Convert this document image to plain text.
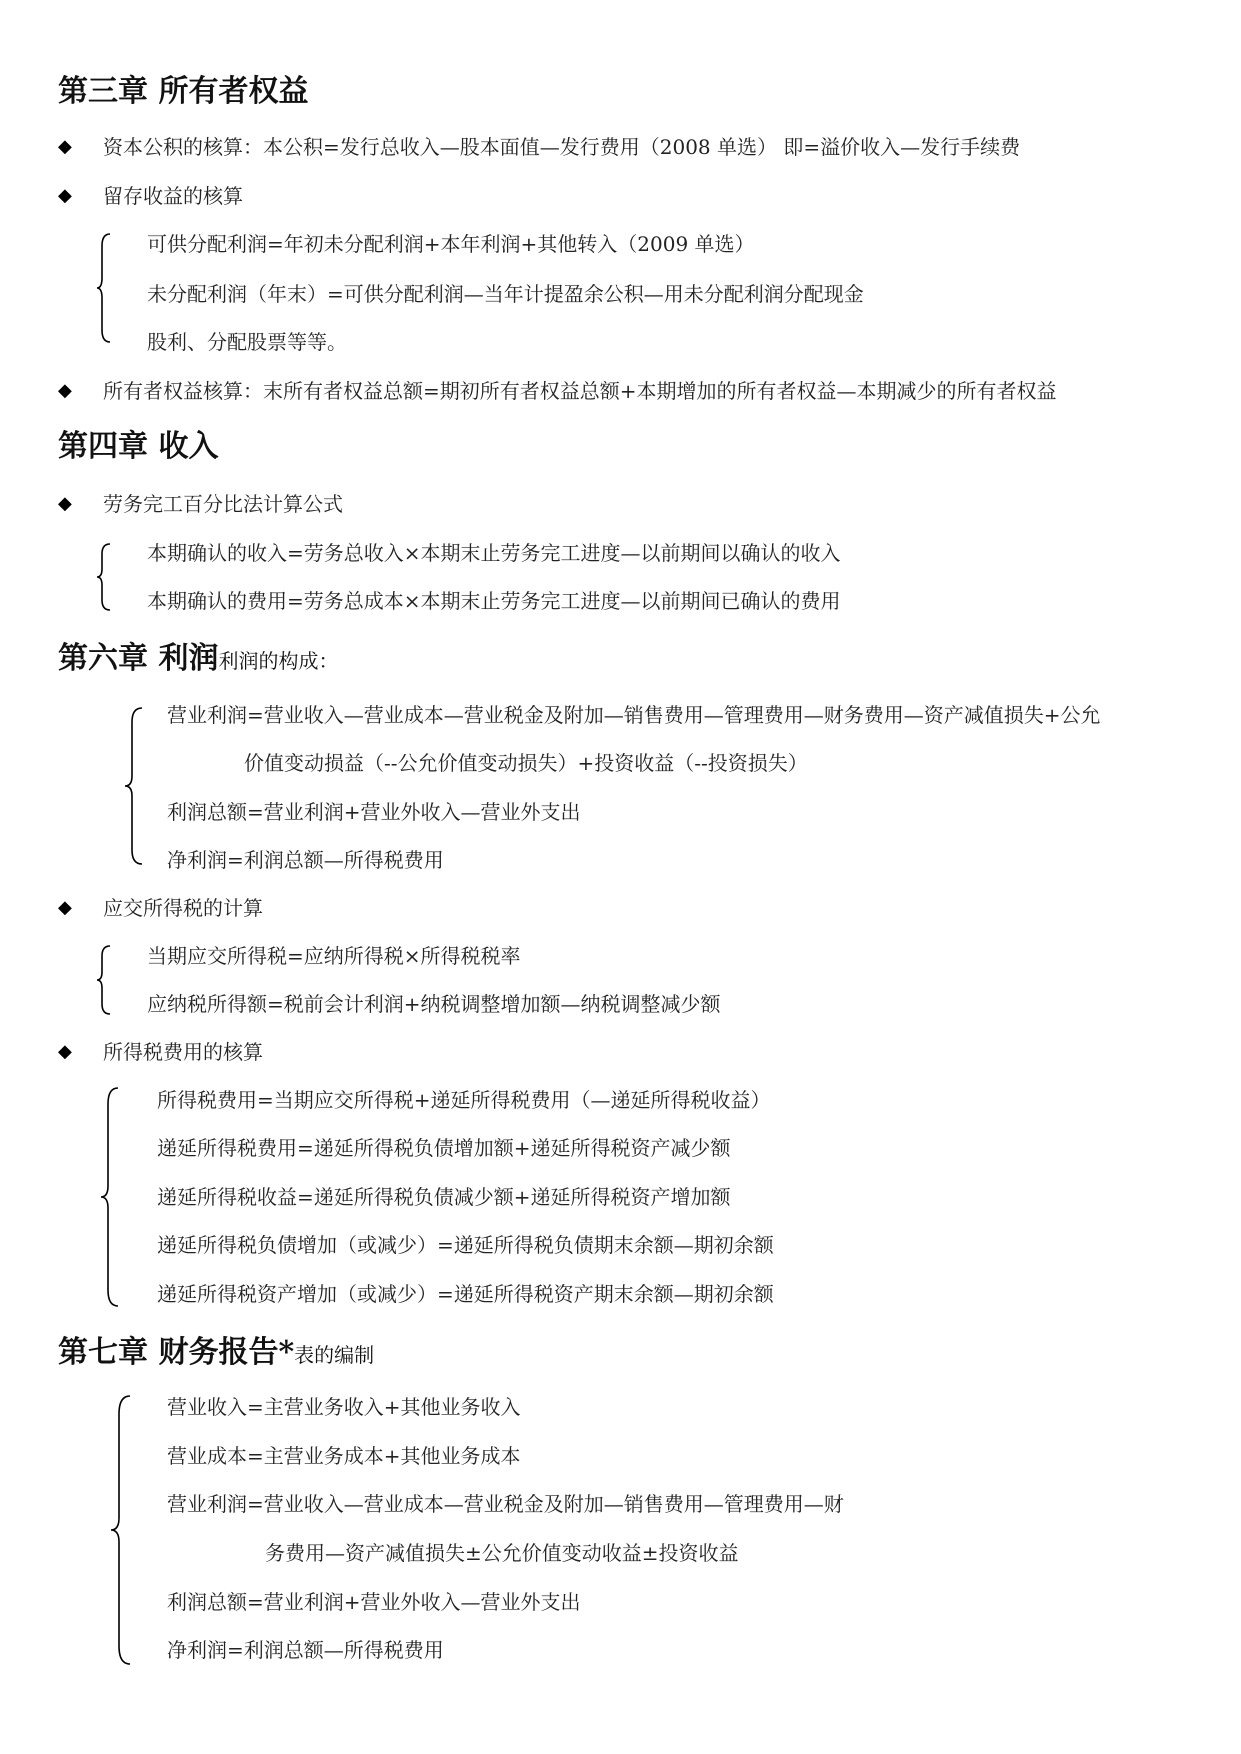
第三章 所有者权益
◆ 资本公积的核算：本公积=发行总收入—股本面值—发行费用（2008 单选） 即=溢价收入—发行手续费
◆ 留存收益的核算
可供分配利润=年初未分配利润+本年利润+其他转入（2009 单选）
未分配利润（年末）=可供分配利润—当年计提盈余公积—用未分配利润分配现金
股利、分配股票等等。
◆ 所有者权益核算：末所有者权益总额=期初所有者权益总额+本期增加的所有者权益—本期减少的所有者权益
第四章 收入
◆ 劳务完工百分比法计算公式
本期确认的收入=劳务总收入×本期末止劳务完工进度—以前期间以确认的收入
本期确认的费用=劳务总成本×本期末止劳务完工进度—以前期间已确认的费用
第六章 利润利润的构成：
营业利润=营业收入—营业成本—营业税金及附加—销售费用—管理费用—财务费用—资产减值损失+公允
价值变动损益（--公允价值变动损失）+投资收益（--投资损失）
利润总额=营业利润+营业外收入—营业外支出
净利润=利润总额—所得税费用
◆ 应交所得税的计算
当期应交所得税=应纳所得税×所得税税率
应纳税所得额=税前会计利润+纳税调整增加额—纳税调整减少额
◆ 所得税费用的核算
所得税费用=当期应交所得税+递延所得税费用（—递延所得税收益）
递延所得税费用=递延所得税负债增加额+递延所得税资产减少额
递延所得税收益=递延所得税负债减少额+递延所得税资产增加额
递延所得税负债增加（或减少）=递延所得税负债期末余额—期初余额
递延所得税资产增加（或减少）=递延所得税资产期末余额—期初余额
第七章 财务报告*表的编制
营业收入=主营业务收入+其他业务收入
营业成本=主营业务成本+其他业务成本
营业利润=营业收入—营业成本—营业税金及附加—销售费用—管理费用—财
务费用—资产减值损失±公允价值变动收益±投资收益
利润总额=营业利润+营业外收入—营业外支出
净利润=利润总额—所得税费用
